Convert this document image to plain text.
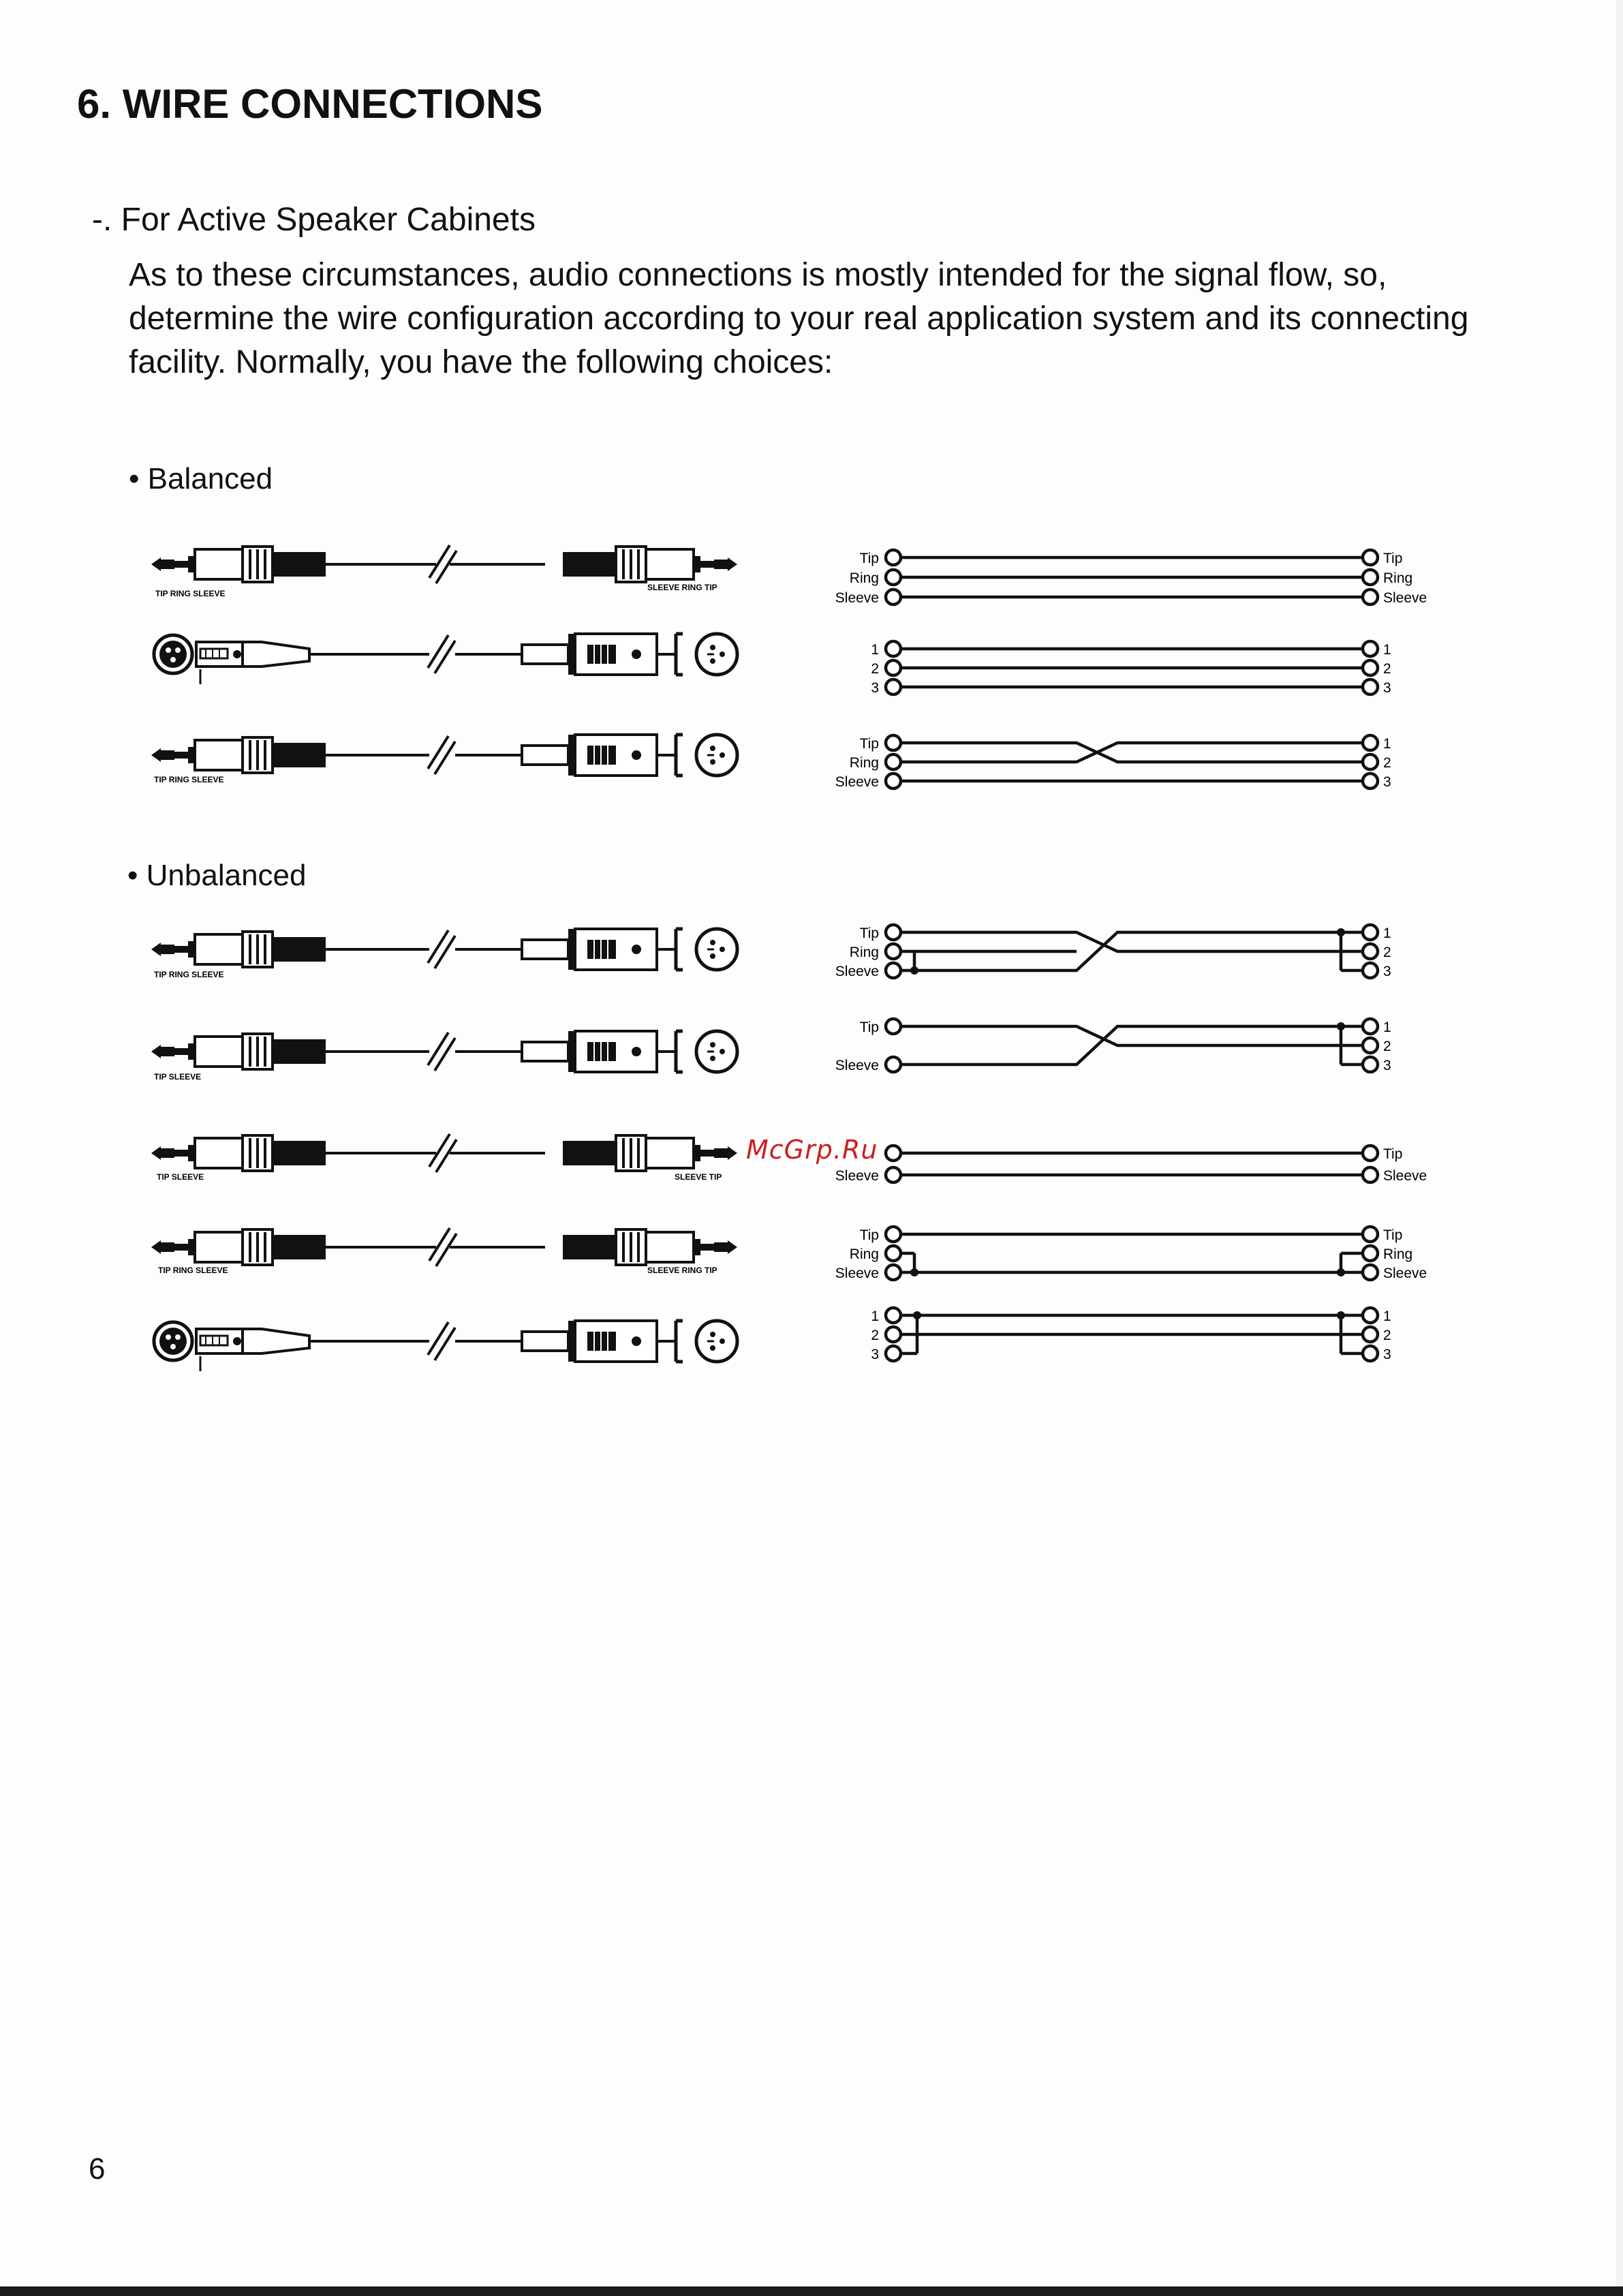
6. WIRE CONNECTIONS
-. For Active Speaker Cabinets
As to these circumstances, audio connections is mostly intended for the signal flow, so, determine the wire configuration according to your real application system and its connecting facility. Normally, you have the following choices:
• Balanced
• Unbalanced
TIP RING SLEEVE
SLEEVE RING TIP
TIP RING SLEEVE
Tip
Ring
Sleeve
Tip
Ring
Sleeve
1
2
3
1
2
3
Tip
Ring
Sleeve
1
2
3
TIP RING SLEEVE
TIP SLEEVE
TIP SLEEVE	SLEEVE TIP
TIP RING SLEEVE	SLEEVE RING TIP
Tip
Ring
Sleeve
1
2
3
Tip
Sleeve
1
2
3
Sleeve
Tip
Sleeve
Tip
Ring
Sleeve
Tip
Ring
Sleeve
1
2
3
1
2
3
McGrp.Ru
6
